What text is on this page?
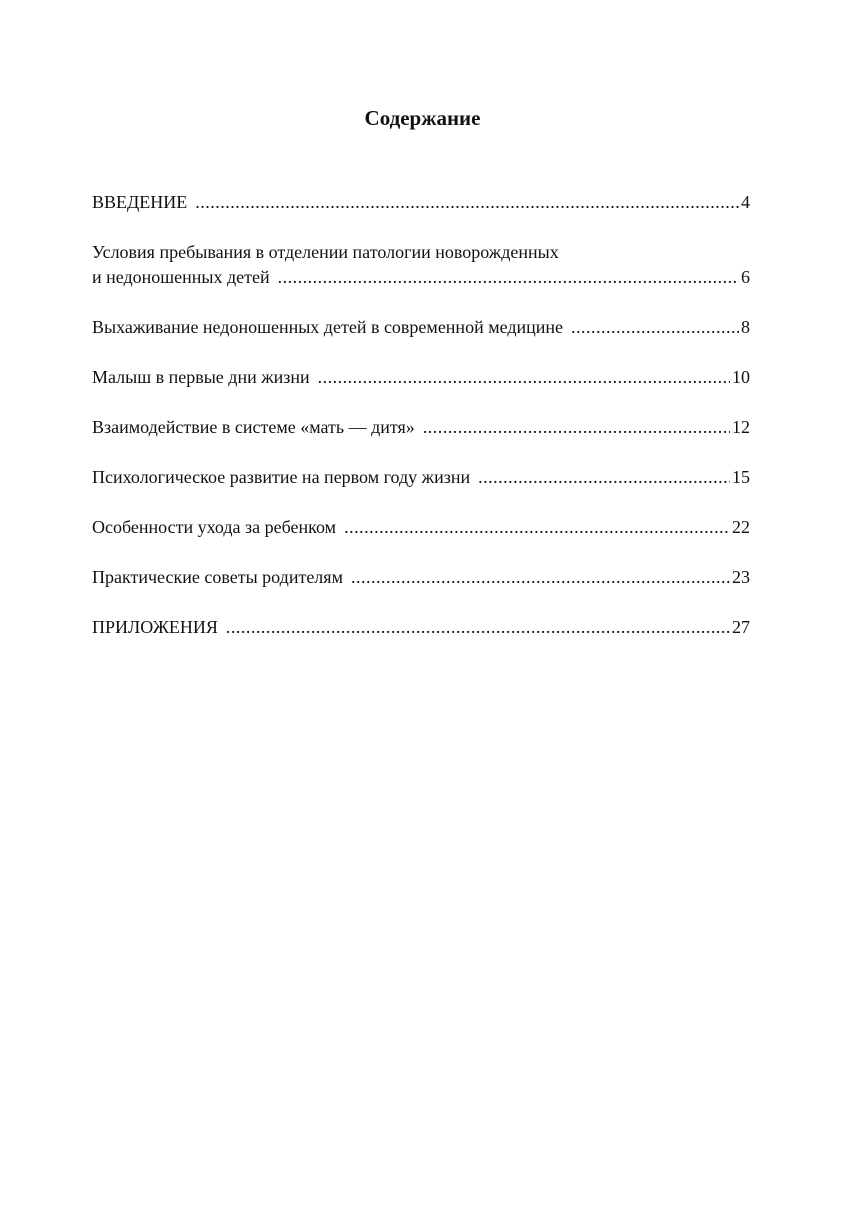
Содержание
ВВЕДЕНИЕ .....	4
Условия пребывания в отделении патологии новорожденных
и недоношенных детей .....	6
Выхаживание недоношенных детей в современной медицине .....	8
Малыш в первые дни жизни .....	10
Взаимодействие в системе «мать — дитя» .....	12
Психологическое развитие на первом году жизни .....	15
Особенности ухода за ребенком .....	22
Практические советы родителям .....	23
ПРИЛОЖЕНИЯ .....	27
